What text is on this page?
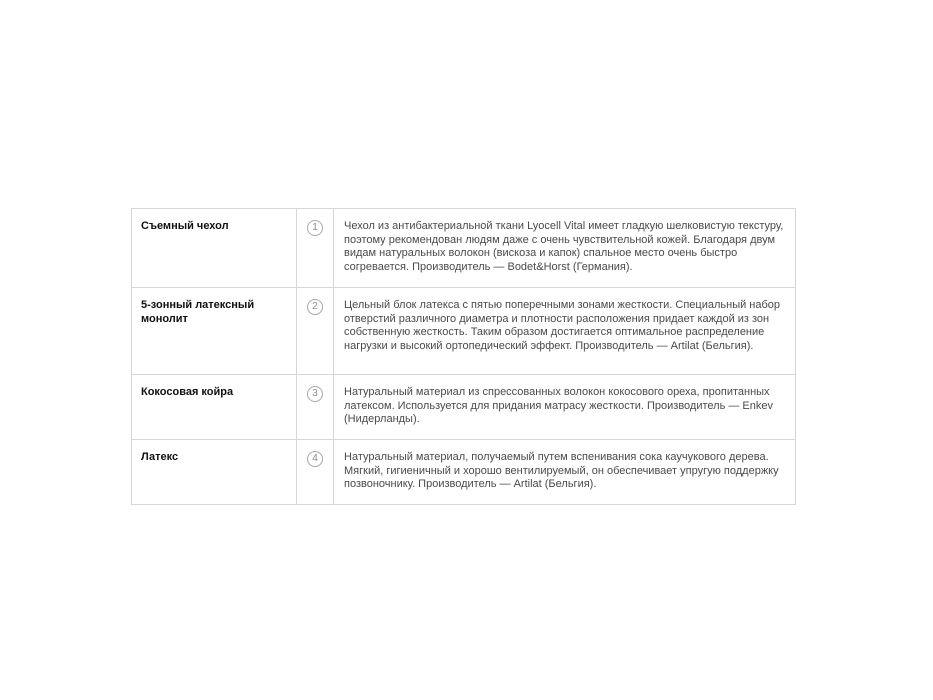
Съемный чехол	1	Чехол из антибактериальной ткани Lyocell Vital имеет гладкую шелковистую текстуру, поэтому рекомендован людям даже с очень чувствительной кожей. Благодаря двум видам натуральных волокон (вискоза и капок) спальное место очень быстро согревается. Производитель — Bodet&Horst (Германия).

5-зонный латексный монолит	2	Цельный блок латекса с пятью поперечными зонами жесткости. Специальный набор отверстий различного диаметра и плотности расположения придает каждой из зон собственную жесткость. Таким образом достигается оптимальное распределение нагрузки и высокий ортопедический эффект. Производитель — Artilat (Бельгия).

Кокосовая койра	3	Натуральный материал из спрессованных волокон кокосового ореха, пропитанных латексом. Используется для придания матрасу жесткости. Производитель — Enkev (Нидерланды).

Латекс	4	Натуральный материал, получаемый путем вспенивания сока каучукового дерева. Мягкий, гигиеничный и хорошо вентилируемый, он обеспечивает упругую поддержку позвоночнику. Производитель — Artilat (Бельгия).
